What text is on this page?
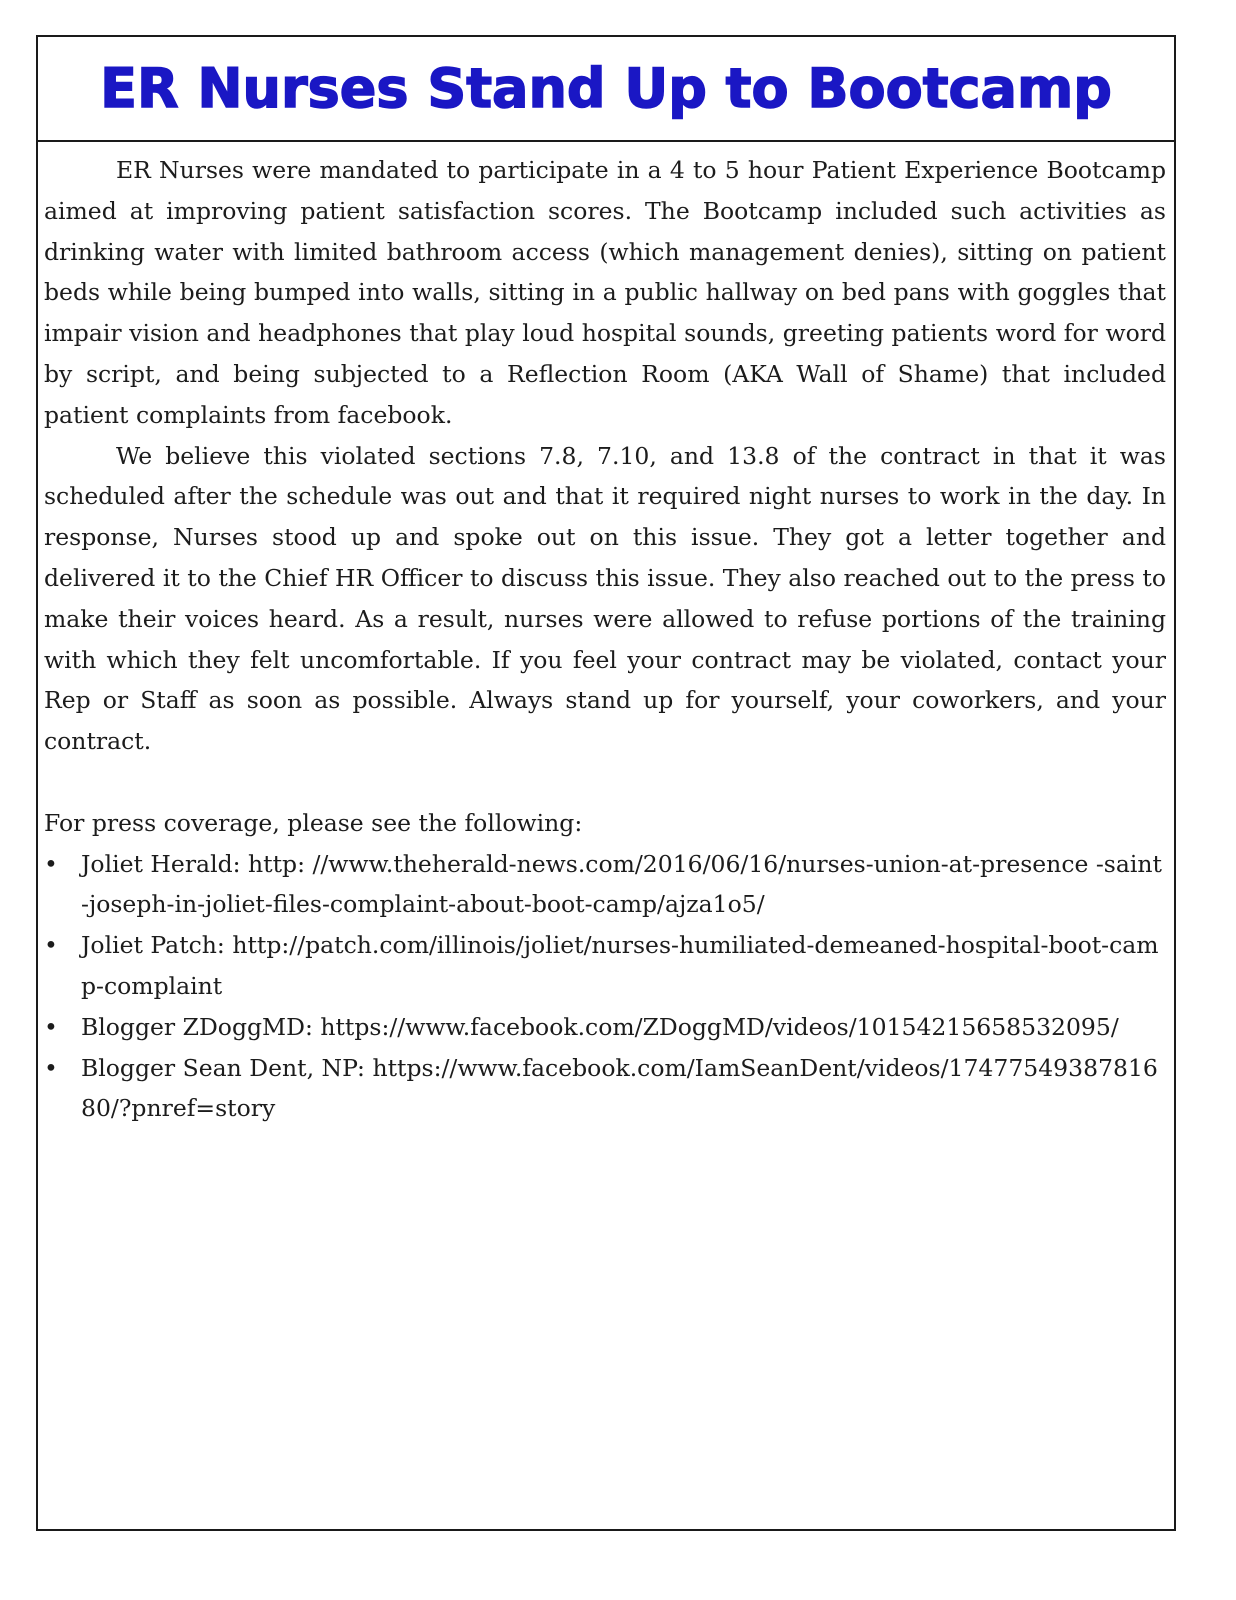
ER Nurses Stand Up to Bootcamp

ER Nurses were mandated to participate in a 4 to 5 hour Patient Experience Bootcamp aimed at improving patient satisfaction scores. The Bootcamp included such activities as drinking water with limited bathroom access (which management denies), sitting on patient beds while being bumped into walls, sitting in a public hallway on bed pans with goggles that impair vision and headphones that play loud hospital sounds, greeting patients word for word by script, and being subjected to a Reflection Room (AKA Wall of Shame) that included patient complaints from facebook.

We believe this violated sections 7.8, 7.10, and 13.8 of the contract in that it was scheduled after the schedule was out and that it required night nurses to work in the day. In response, Nurses stood up and spoke out on this issue. They got a letter together and delivered it to the Chief HR Officer to discuss this issue. They also reached out to the press to make their voices heard. As a result, nurses were allowed to refuse portions of the training with which they felt uncomfortable. If you feel your contract may be violated, contact your Rep or Staff as soon as possible. Always stand up for yourself, your coworkers, and your contract.

For press coverage, please see the following:

• Joliet Herald: http: //www.theherald-news.com/2016/06/16/nurses-union-at-presence -saint-joseph-in-joliet-files-complaint-about-boot-camp/ajza1o5/
• Joliet Patch: http://patch.com/illinois/joliet/nurses-humiliated-demeaned-hospital-boot-camp-complaint
• Blogger ZDoggMD: https://www.facebook.com/ZDoggMD/videos/10154215658532095/
• Blogger Sean Dent, NP: https://www.facebook.com/IamSeanDent/videos/1747754938781680/?pnref=story
